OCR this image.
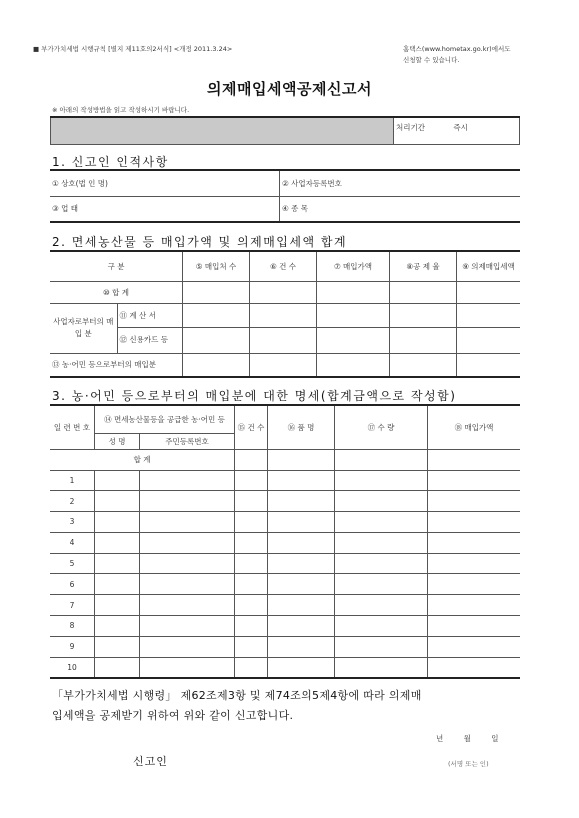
■ 부가가치세법 시행규칙 [별지 제11호의2서식] <개정 2011.3.24>	홈택스(www.hometax.go.kr)에서도
신청할 수 있습니다.
의제매입세액공제신고서
※ 아래의 작성방법을 읽고 작성하시기 바랍니다.
	처리기간	즉시
1. 신고인 인적사항
① 상호(법 인 명)	② 사업자등록번호
③ 업 태	④ 종 목
2. 면세농산물 등 매입가액 및 의제매입세액 합계
구 분		⑤ 매입처 수	⑥ 건 수	⑦ 매입가액	⑧공 제 율	⑨ 의제매입세액
⑩ 합 계						
사업자로부터의 매 입 분	⑪ 계 산 서					
	⑫ 신용카드 등					
⑬ 농·어민 등으로부터의 매입분						
3. 농·어민 등으로부터의 매입분에 대한 명세(합계금액으로 작성함)
일 련 번 호	⑭ 면세농산물등을 공급한 농·어민 등		⑮ 건 수	⑯ 품 명	⑰ 수 량	⑱ 매입가액
	성 명	주민등록번호				
합 계						
1						
2						
3						
4						
5						
6						
7						
8						
9						
10						
「부가가치세법 시행령」 제62조제3항 및 제74조의5제4항에 따라 의제매
입세액을 공제받기 위하여 위와 같이 신고합니다.
년 월 일
신고인	(서명 또는 인)
